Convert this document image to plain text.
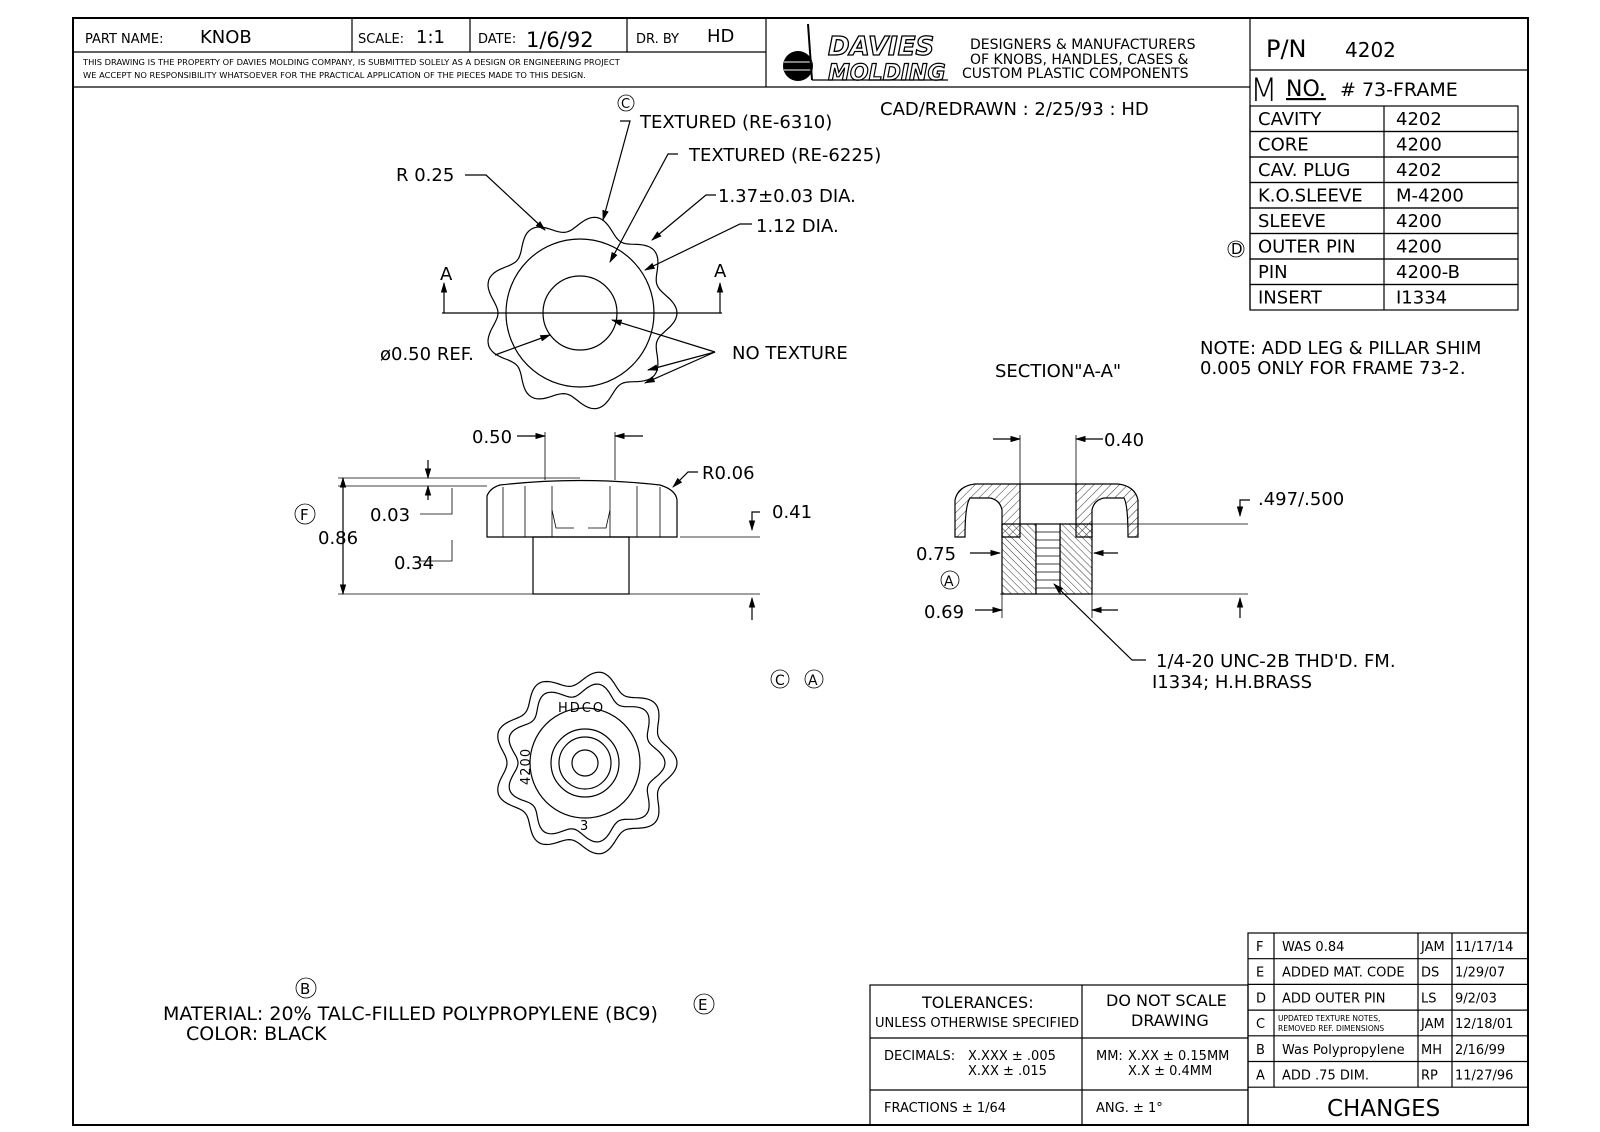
PART NAME: KNOB	SCALE: 1:1	DATE: 1/6/92	DR. BY HD
THIS DRAWING IS THE PROPERTY OF DAVIES MOLDING COMPANY, IS SUBMITTED SOLELY AS A DESIGN OR ENGINEERING PROJECT
WE ACCEPT NO RESPONSIBILITY WHATSOEVER FOR THE PRACTICAL APPLICATION OF THE PIECES MADE TO THIS DESIGN.
DAVIES
MOLDING
DESIGNERS & MANUFACTURERS
OF KNOBS, HANDLES, CASES &
CUSTOM PLASTIC COMPONENTS
P/N 4202
M NO. # 73-FRAME
CAVITY	4202
CORE	4200
CAV. PLUG	4202
K.O.SLEEVE M-4200
SLEEVE	4200
OUTER PIN 4200
PIN	4200-B
INSERT	I1334
D
CAD/REDRAWN : 2/25/93 : HD
NOTE: ADD LEG & PILLAR SHIM
0.005 ONLY FOR FRAME 73-2.
SECTION"A-A"
A	A
C
TEXTURED (RE-6310)
TEXTURED (RE-6225)
R 0.25
1.37±0.03 DIA.
1.12 DIA.
ø0.50 REF.	NO TEXTURE
0.50
R0.06
F
0.86
0.03
0.34
0.41
0.40
.497/.500
0.75
A
0.69
1/4-20 UNC-2B THD'D. FM.
I1334; H.H.BRASS
HDCO
4200
3
C A
B
MATERIAL: 20% TALC-FILLED POLYPROPYLENE (BC9)	E
COLOR: BLACK
TOLERANCES:
UNLESS OTHERWISE SPECIFIED
DO NOT SCALE
DRAWING
DECIMALS: X.XXX ± .005
X.XX ± .015
MM: X.XX ± 0.15MM
X.X ± 0.4MM
FRACTIONS ± 1/64	ANG. ± 1°
F WAS 0.84	JAM 11/17/14
E ADDED MAT. CODE DS 1/29/07
D ADD OUTER PIN	LS 9/2/03
C UPDATED TEXTURE NOTES,
REMOVED REF. DIMENSIONS	JAM 12/18/01
B Was Polypropylene MH 2/16/99
A ADD .75 DIM.	RP 11/27/96
CHANGES
